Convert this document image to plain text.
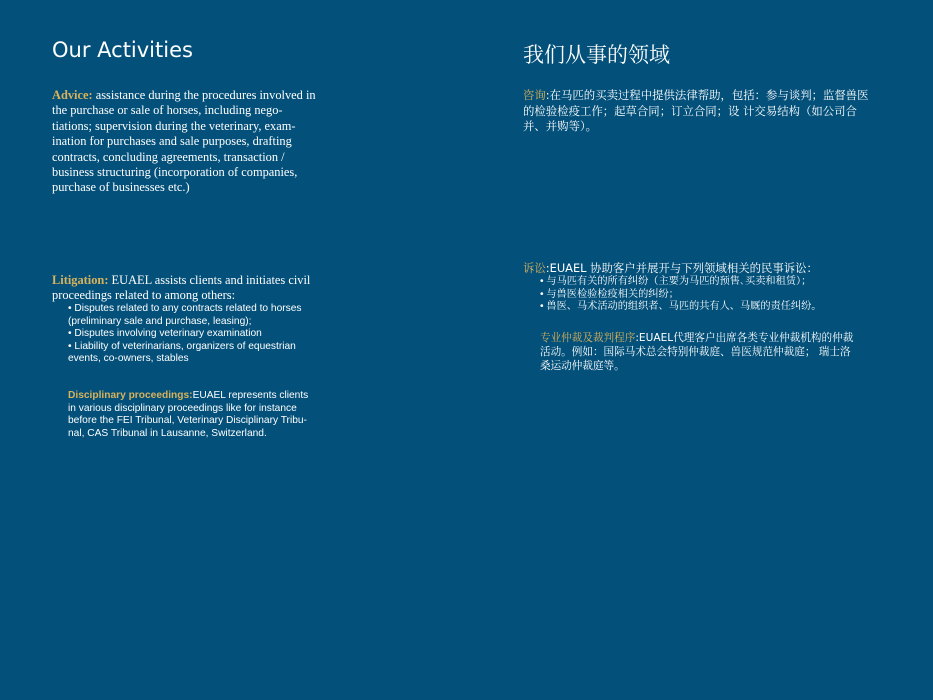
Our Activities

Advice: assistance during the procedures involved in the purchase or sale of horses, including nego-tiations; supervision during the veterinary, exam-ination for purchases and sale purposes, drafting contracts, concluding agreements, transaction / business structuring (incorporation of companies, purchase of businesses etc.)

Litigation: EUAEL assists clients and initiates civil proceedings related to among others:

• Disputes related to any contracts related to horses (preliminary sale and purchase, leasing);
• Disputes involving veterinary examination
• Liability of veterinarians, organizers of equestrian events, co-owners, stables

Disciplinary proceedings:EUAEL represents clients in various disciplinary proceedings like for instance before the FEI Tribunal, Veterinary Disciplinary Tribu-nal, CAS Tribunal in Lausanne, Switzerland.

我们从事的领域

咨询:在马匹的买卖过程中提供法律帮助，包括：参与谈判；监督兽医的检验检疫工作；起草合同；订立合同；设 计交易结构（如公司合并、并购等）。

诉讼:EUAEL 协助客户并展开与下列领域相关的民事诉讼：

• 与马匹有关的所有纠纷（主要为马匹的预售､买卖和租赁）；
• 与兽医检验检疫相关的纠纷；
• 兽医、马术活动的组织者、马匹的共有人、马厩的责任纠纷。

专业仲裁及裁判程序:EUAEL代理客户出席各类专业仲裁机构的仲裁活动。例如：国际马术总会特别仲裁庭、兽医规范仲裁庭； 瑞士洛桑运动仲裁庭等。
